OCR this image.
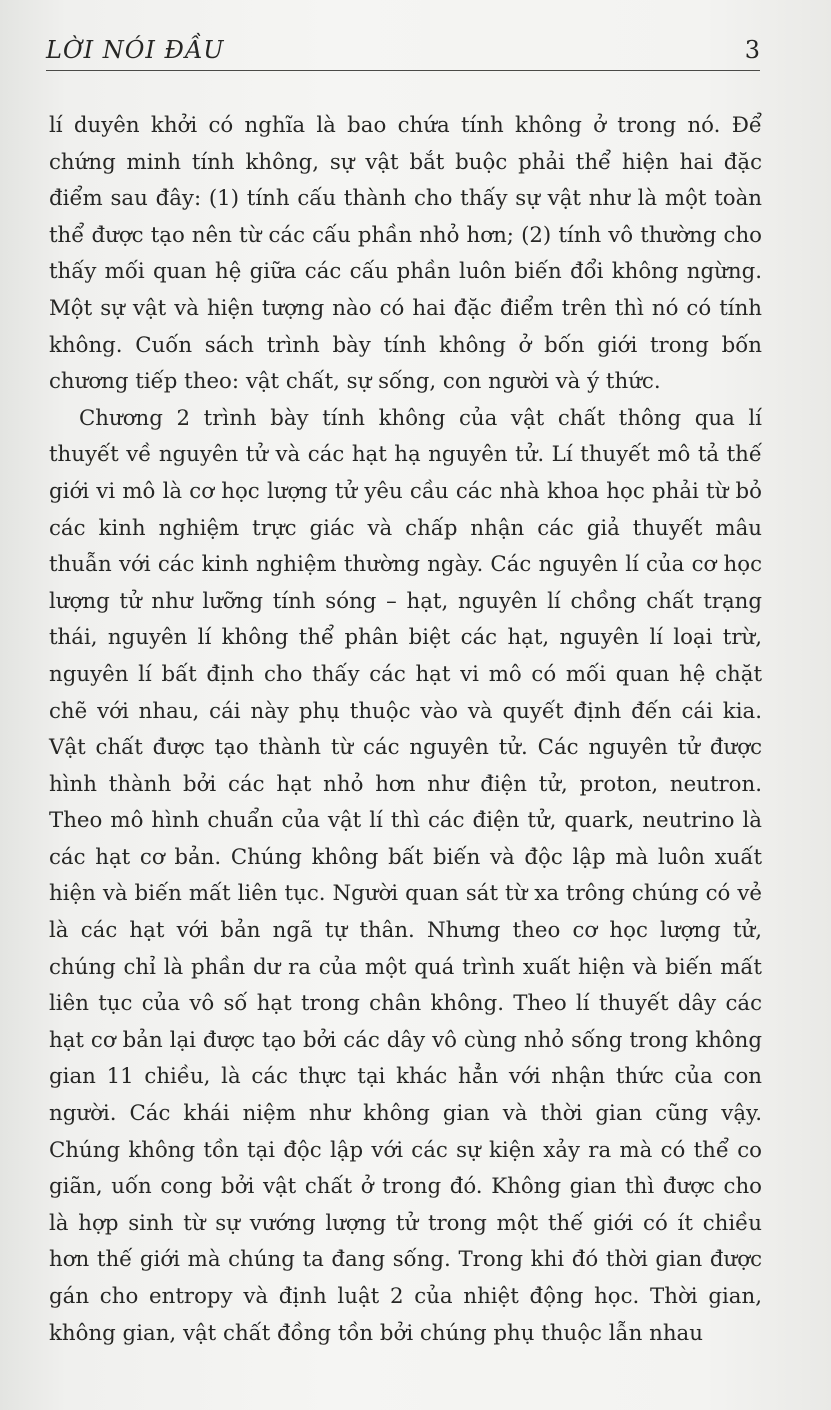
LỜI NÓI ĐẦU	3

lí duyên khởi có nghĩa là bao chứa tính không ở trong nó. Để chứng minh tính không, sự vật bắt buộc phải thể hiện hai đặc điểm sau đây: (1) tính cấu thành cho thấy sự vật như là một toàn thể được tạo nên từ các cấu phần nhỏ hơn; (2) tính vô thường cho thấy mối quan hệ giữa các cấu phần luôn biến đổi không ngừng. Một sự vật và hiện tượng nào có hai đặc điểm trên thì nó có tính không. Cuốn sách trình bày tính không ở bốn giới trong bốn chương tiếp theo: vật chất, sự sống, con người và ý thức.

Chương 2 trình bày tính không của vật chất thông qua lí thuyết về nguyên tử và các hạt hạ nguyên tử. Lí thuyết mô tả thế giới vi mô là cơ học lượng tử yêu cầu các nhà khoa học phải từ bỏ các kinh nghiệm trực giác và chấp nhận các giả thuyết mâu thuẫn với các kinh nghiệm thường ngày. Các nguyên lí của cơ học lượng tử như lưỡng tính sóng – hạt, nguyên lí chồng chất trạng thái, nguyên lí không thể phân biệt các hạt, nguyên lí loại trừ, nguyên lí bất định cho thấy các hạt vi mô có mối quan hệ chặt chẽ với nhau, cái này phụ thuộc vào và quyết định đến cái kia. Vật chất được tạo thành từ các nguyên tử. Các nguyên tử được hình thành bởi các hạt nhỏ hơn như điện tử, proton, neutron. Theo mô hình chuẩn của vật lí thì các điện tử, quark, neutrino là các hạt cơ bản. Chúng không bất biến và độc lập mà luôn xuất hiện và biến mất liên tục. Người quan sát từ xa trông chúng có vẻ là các hạt với bản ngã tự thân. Nhưng theo cơ học lượng tử, chúng chỉ là phần dư ra của một quá trình xuất hiện và biến mất liên tục của vô số hạt trong chân không. Theo lí thuyết dây các hạt cơ bản lại được tạo bởi các dây vô cùng nhỏ sống trong không gian 11 chiều, là các thực tại khác hẳn với nhận thức của con người. Các khái niệm như không gian và thời gian cũng vậy. Chúng không tồn tại độc lập với các sự kiện xảy ra mà có thể co giãn, uốn cong bởi vật chất ở trong đó. Không gian thì được cho là hợp sinh từ sự vướng lượng tử trong một thế giới có ít chiều hơn thế giới mà chúng ta đang sống. Trong khi đó thời gian được gán cho entropy và định luật 2 của nhiệt động học. Thời gian, không gian, vật chất đồng tồn bởi chúng phụ thuộc lẫn nhau
